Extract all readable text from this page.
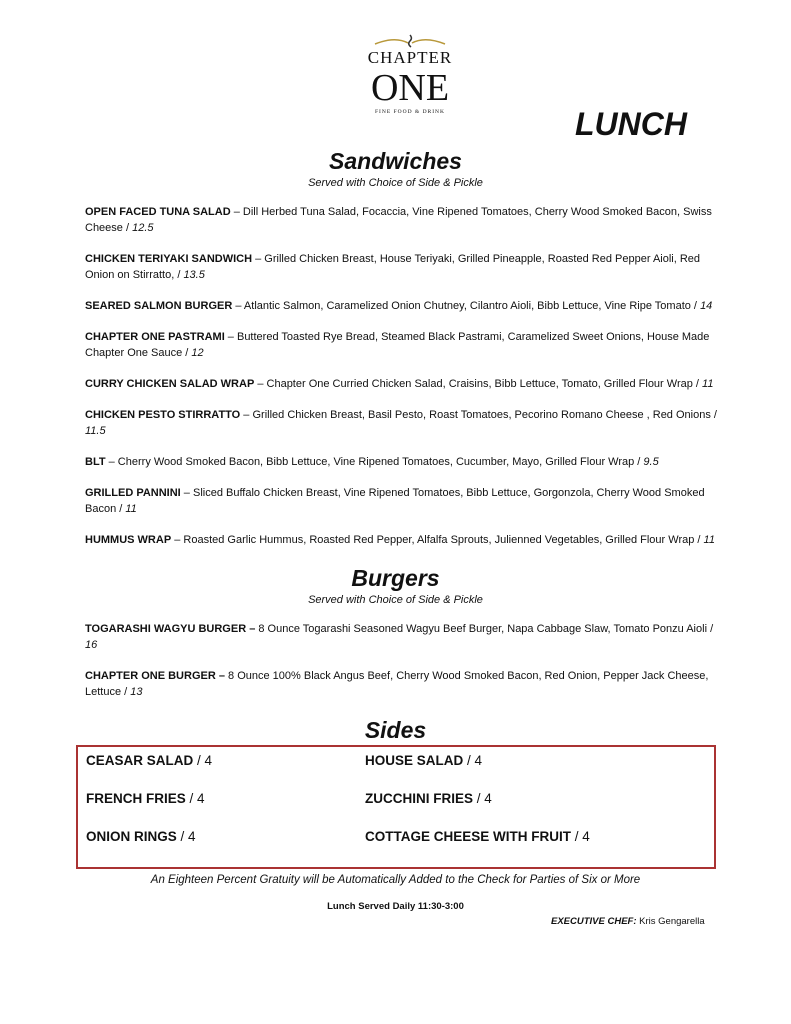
CHAPTER
ONE
FINE FOOD & DRINK	LUNCH
Sandwiches
Served with Choice of Side & Pickle
OPEN FACED TUNA SALAD – Dill Herbed Tuna Salad, Focaccia, Vine Ripened Tomatoes, Cherry Wood Smoked Bacon, Swiss Cheese / 12.5
CHICKEN TERIYAKI SANDWICH – Grilled Chicken Breast, House Teriyaki, Grilled Pineapple, Roasted Red Pepper Aioli, Red Onion on Stirratto, / 13.5
SEARED SALMON BURGER – Atlantic Salmon, Caramelized Onion Chutney, Cilantro Aioli, Bibb Lettuce, Vine Ripe Tomato / 14
CHAPTER ONE PASTRAMI – Buttered Toasted Rye Bread, Steamed Black Pastrami, Caramelized Sweet Onions, House Made Chapter One Sauce / 12
CURRY CHICKEN SALAD WRAP – Chapter One Curried Chicken Salad, Craisins, Bibb Lettuce, Tomato, Grilled Flour Wrap / 11
CHICKEN PESTO STIRRATTO – Grilled Chicken Breast, Basil Pesto, Roast Tomatoes, Pecorino Romano Cheese , Red Onions / 11.5
BLT – Cherry Wood Smoked Bacon, Bibb Lettuce, Vine Ripened Tomatoes, Cucumber, Mayo, Grilled Flour Wrap / 9.5
GRILLED PANNINI – Sliced Buffalo Chicken Breast, Vine Ripened Tomatoes, Bibb Lettuce, Gorgonzola, Cherry Wood Smoked Bacon / 11
HUMMUS WRAP – Roasted Garlic Hummus, Roasted Red Pepper, Alfalfa Sprouts, Julienned Vegetables, Grilled Flour Wrap / 11
Burgers
Served with Choice of Side & Pickle
TOGARASHI WAGYU BURGER – 8 Ounce Togarashi Seasoned Wagyu Beef Burger, Napa Cabbage Slaw, Tomato Ponzu Aioli / 16
CHAPTER ONE BURGER – 8 Ounce 100% Black Angus Beef, Cherry Wood Smoked Bacon, Red Onion, Pepper Jack Cheese, Lettuce / 13
Sides
CEASAR SALAD / 4	HOUSE SALAD / 4
FRENCH FRIES / 4	ZUCCHINI FRIES / 4
ONION RINGS / 4	COTTAGE CHEESE WITH FRUIT / 4
An Eighteen Percent Gratuity will be Automatically Added to the Check for Parties of Six or More
Lunch Served Daily 11:30-3:00
EXECUTIVE CHEF: Kris Gengarella
